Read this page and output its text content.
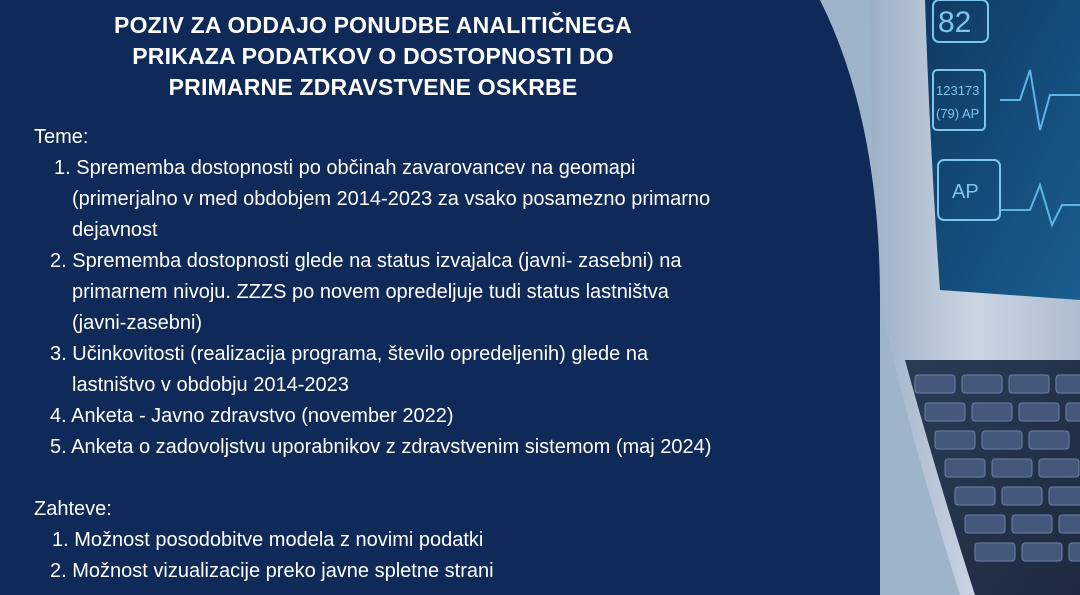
82
123173
(79) AP
AP
POZIV ZA ODDAJO PONUDBE ANALITIČNEGA
PRIKAZA PODATKOV O DOSTOPNOSTI DO
PRIMARNE ZDRAVSTVENE OSKRBE
Teme:
1. Sprememba dostopnosti po občinah zavarovancev na geomapi
(primerjalno v med obdobjem 2014-2023 za vsako posamezno primarno
dejavnost
2. Sprememba dostopnosti glede na status izvajalca (javni- zasebni) na
primarnem nivoju. ZZZS po novem opredeljuje tudi status lastništva
(javni-zasebni)
3. Učinkovitosti (realizacija programa, število opredeljenih) glede na
lastništvo v obdobju 2014-2023
4. Anketa - Javno zdravstvo (november 2022)
5. Anketa o zadovoljstvu uporabnikov z zdravstvenim sistemom (maj 2024)
Zahteve:
1. Možnost posodobitve modela z novimi podatki
2. Možnost vizualizacije preko javne spletne strani
